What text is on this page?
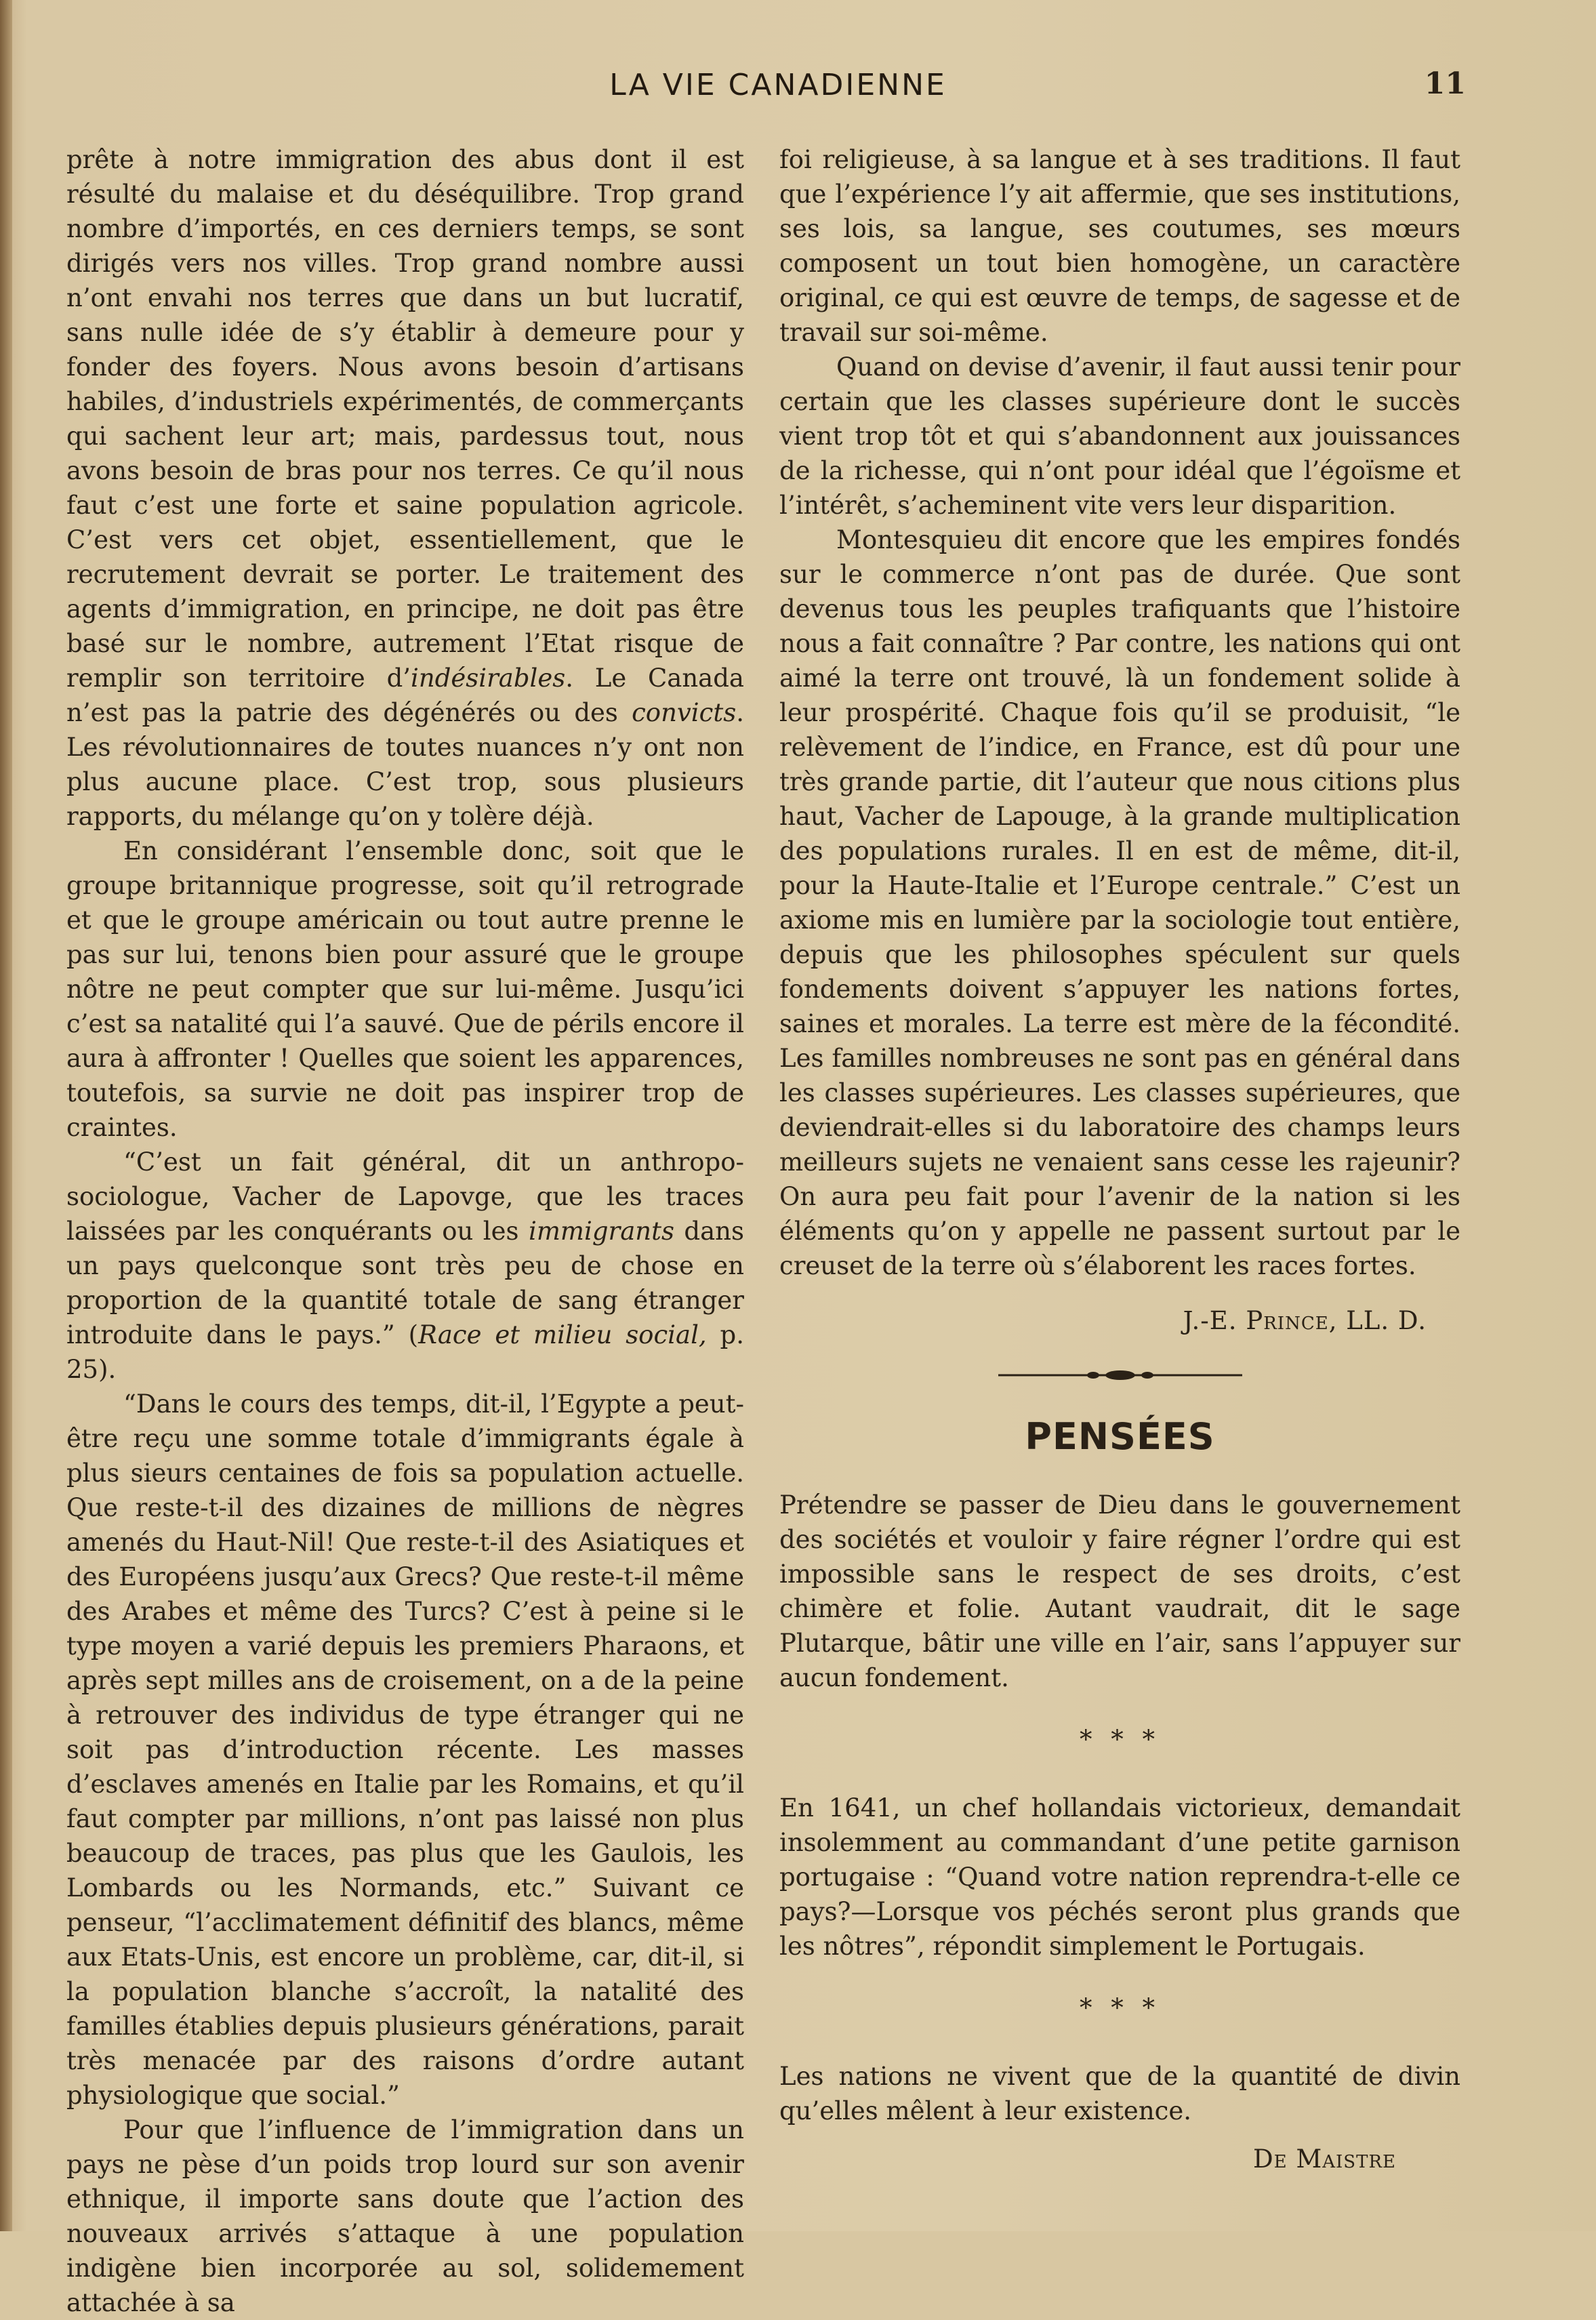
LA VIE CANADIENNE	11

prête à notre immigration des abus dont il est résulté du malaise et du déséquilibre. Trop grand nombre d’importés, en ces derniers temps, se sont dirigés vers nos villes. Trop grand nombre aussi n’ont envahi nos terres que dans un but lucratif, sans nulle idée de s’y établir à demeure pour y fonder des foyers. Nous avons besoin d’artisans habiles, d’industriels expérimentés, de commerçants qui sachent leur art; mais, pardessus tout, nous avons besoin de bras pour nos terres. Ce qu’il nous faut c’est une forte et saine population agricole. C’est vers cet objet, essentiellement, que le recrutement devrait se porter. Le traitement des agents d’immigration, en principe, ne doit pas être basé sur le nombre, autrement l’Etat risque de remplir son territoire d’indésirables. Le Canada n’est pas la patrie des dégénérés ou des convicts. Les révolutionnaires de toutes nuances n’y ont non plus aucune place. C’est trop, sous plusieurs rapports, du mélange qu’on y tolère déjà.

En considérant l’ensemble donc, soit que le groupe britannique progresse, soit qu’il retrograde et que le groupe américain ou tout autre prenne le pas sur lui, tenons bien pour assuré que le groupe nôtre ne peut compter que sur lui-même. Jusqu’ici c’est sa natalité qui l’a sauvé. Que de périls encore il aura à affronter ! Quelles que soient les apparences, toutefois, sa survie ne doit pas inspirer trop de craintes.

“C’est un fait général, dit un anthropo-sociologue, Vacher de Lapovge, que les traces laissées par les conquérants ou les immigrants dans un pays quelconque sont très peu de chose en proportion de la quantité totale de sang étranger introduite dans le pays.” (Race et milieu social, p. 25).

“Dans le cours des temps, dit-il, l’Egypte a peut-être reçu une somme totale d’immigrants égale à plus sieurs centaines de fois sa population actuelle. Que reste-t-il des dizaines de millions de nègres amenés du Haut-Nil! Que reste-t-il des Asiatiques et des Européens jusqu’aux Grecs? Que reste-t-il même des Arabes et même des Turcs? C’est à peine si le type moyen a varié depuis les premiers Pharaons, et après sept milles ans de croisement, on a de la peine à retrouver des individus de type étranger qui ne soit pas d’introduction récente. Les masses d’esclaves amenés en Italie par les Romains, et qu’il faut compter par millions, n’ont pas laissé non plus beaucoup de traces, pas plus que les Gaulois, les Lombards ou les Normands, etc.” Suivant ce penseur, “l’acclimatement définitif des blancs, même aux Etats-Unis, est encore un problème, car, dit-il, si la population blanche s’accroît, la natalité des familles établies depuis plusieurs générations, parait très menacée par des raisons d’ordre autant physiologique que social.”

Pour que l’influence de l’immigration dans un pays ne pèse d’un poids trop lourd sur son avenir ethnique, il importe sans doute que l’action des nouveaux arrivés s’attaque à une population indigène bien incorporée au sol, solidemement attachée à sa

foi religieuse, à sa langue et à ses traditions. Il faut que l’expérience l’y ait affermie, que ses institutions, ses lois, sa langue, ses coutumes, ses mœurs composent un tout bien homogène, un caractère original, ce qui est œuvre de temps, de sagesse et de travail sur soi-même.

Quand on devise d’avenir, il faut aussi tenir pour certain que les classes supérieure dont le succès vient trop tôt et qui s’abandonnent aux jouissances de la richesse, qui n’ont pour idéal que l’égoïsme et l’intérêt, s’acheminent vite vers leur disparition.

Montesquieu dit encore que les empires fondés sur le commerce n’ont pas de durée. Que sont devenus tous les peuples trafiquants que l’histoire nous a fait connaître ? Par contre, les nations qui ont aimé la terre ont trouvé, là un fondement solide à leur prospérité. Chaque fois qu’il se produisit, “le relèvement de l’indice, en France, est dû pour une très grande partie, dit l’auteur que nous citions plus haut, Vacher de Lapouge, à la grande multiplication des populations rurales. Il en est de même, dit-il, pour la Haute-Italie et l’Europe centrale.” C’est un axiome mis en lumière par la sociologie tout entière, depuis que les philosophes spéculent sur quels fondements doivent s’appuyer les nations fortes, saines et morales. La terre est mère de la fécondité. Les familles nombreuses ne sont pas en général dans les classes supérieures. Les classes supérieures, que deviendrait-elles si du laboratoire des champs leurs meilleurs sujets ne venaient sans cesse les rajeunir? On aura peu fait pour l’avenir de la nation si les éléments qu’on y appelle ne passent surtout par le creuset de la terre où s’élaborent les races fortes.

J.-E. Prince, LL. D.
PENSÉES

Prétendre se passer de Dieu dans le gouvernement des sociétés et vouloir y faire régner l’ordre qui est impossible sans le respect de ses droits, c’est chimère et folie. Autant vaudrait, dit le sage Plutarque, bâtir une ville en l’air, sans l’appuyer sur aucun fondement.

* * *

En 1641, un chef hollandais victorieux, demandait insolemment au commandant d’une petite garnison portugaise : “Quand votre nation reprendra-t-elle ce pays?—Lorsque vos péchés seront plus grands que les nôtres”, répondit simplement le Portugais.

* * *

Les nations ne vivent que de la quantité de divin qu’elles mêlent à leur existence.

De Maistre
